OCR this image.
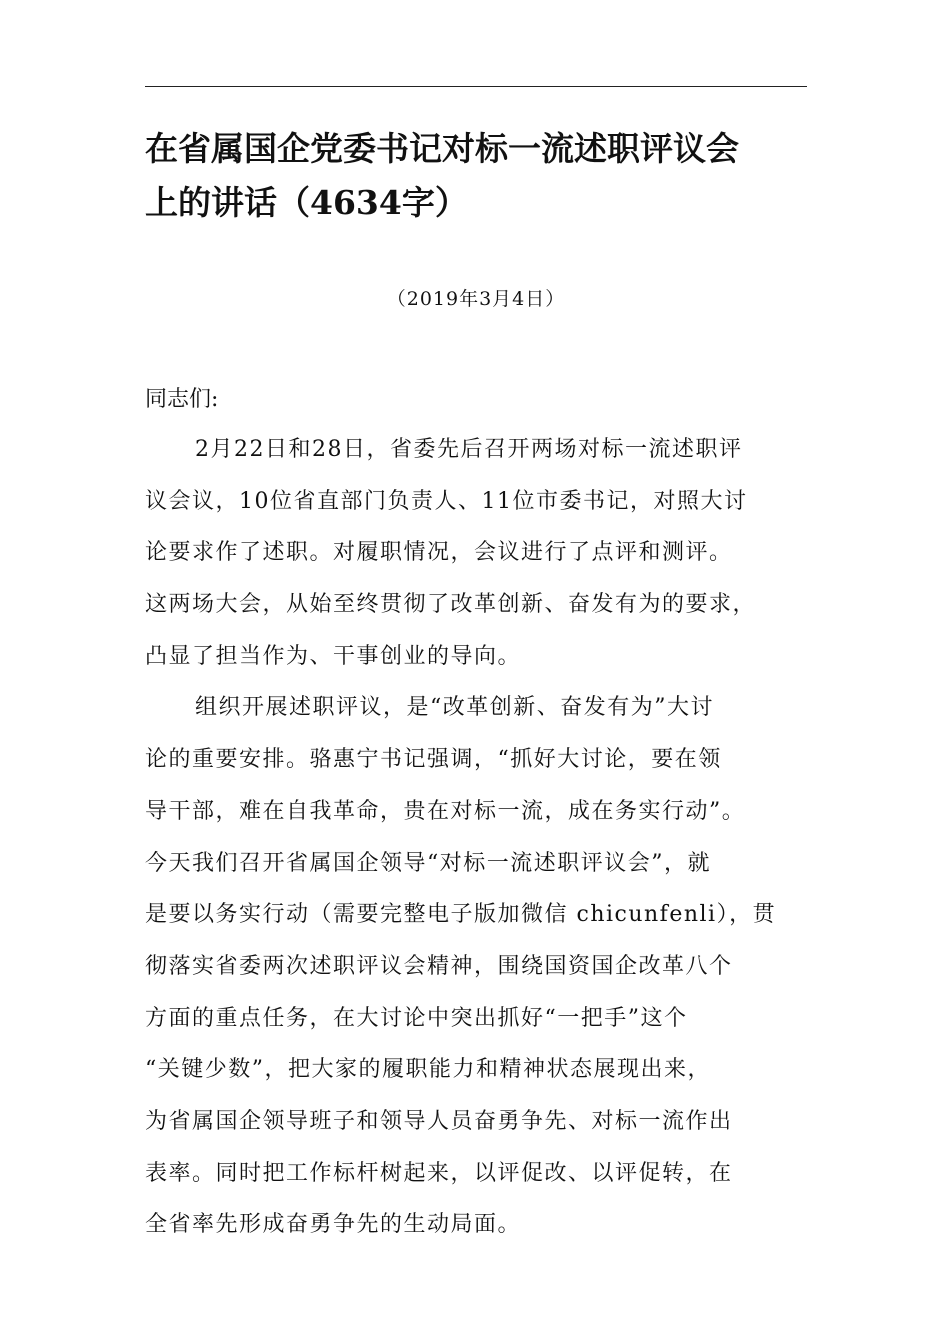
在省属国企党委书记对标一流述职评议会
上的讲话（4634字）
（2019年3月4日）
同志们:
2月22日和28日，省委先后召开两场对标一流述职评
议会议，10位省直部门负责人、11位市委书记，对照大讨
论要求作了述职。对履职情况，会议进行了点评和测评。
这两场大会，从始至终贯彻了改革创新、奋发有为的要求，
凸显了担当作为、干事创业的导向。
组织开展述职评议，是“改革创新、奋发有为”大讨
论的重要安排。骆惠宁书记强调，“抓好大讨论，要在领
导干部，难在自我革命，贵在对标一流，成在务实行动”。
今天我们召开省属国企领导“对标一流述职评议会”，就
是要以务实行动（需要完整电子版加微信 chicunfenli），贯
彻落实省委两次述职评议会精神，围绕国资国企改革八个
方面的重点任务，在大讨论中突出抓好“一把手”这个
“关键少数”，把大家的履职能力和精神状态展现出来，
为省属国企领导班子和领导人员奋勇争先、对标一流作出
表率。同时把工作标杆树起来，以评促改、以评促转，在
全省率先形成奋勇争先的生动局面。
